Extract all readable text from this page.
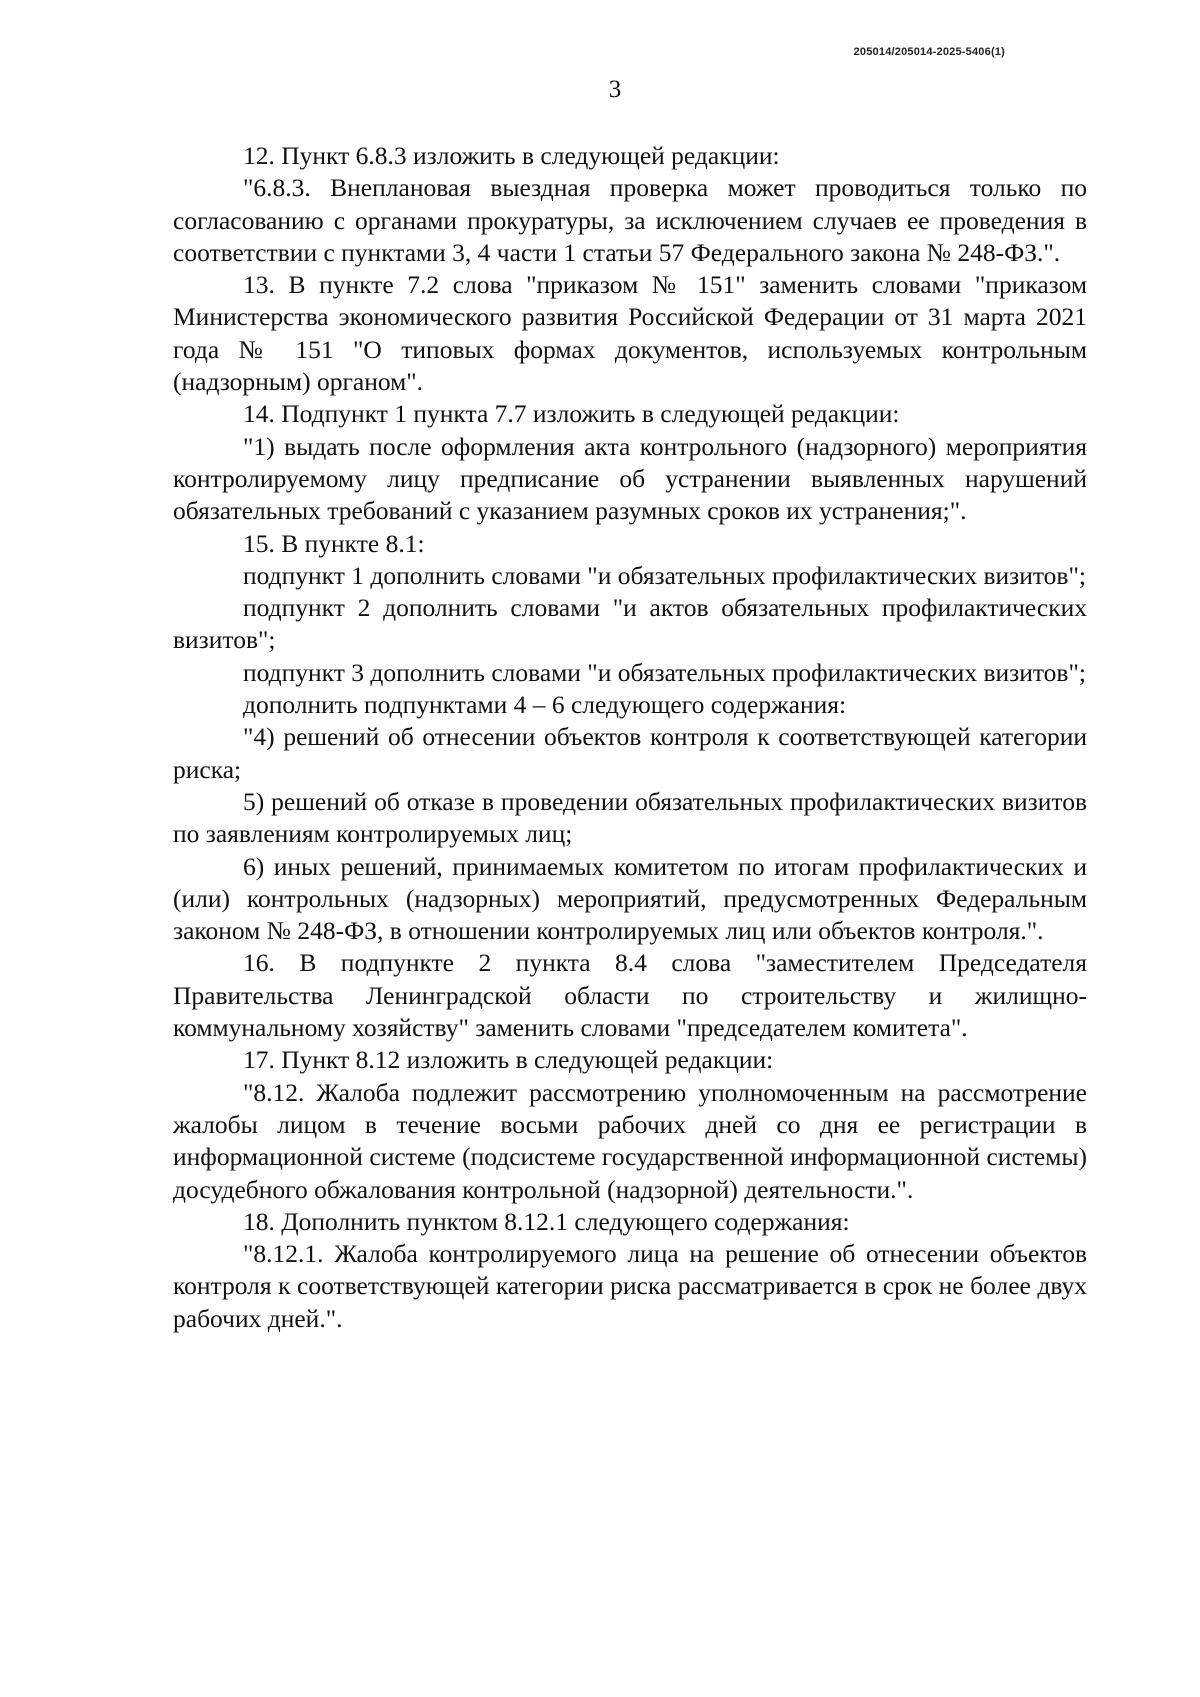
205014/205014-2025-5406(1)
3

12. Пункт 6.8.3 изложить в следующей редакции:

"6.8.3. Внеплановая выездная проверка может проводиться только по согласованию с органами прокуратуры, за исключением случаев ее проведения в соответствии с пунктами 3, 4 части 1 статьи 57 Федерального закона № 248-ФЗ.".

13. В пункте 7.2 слова "приказом № 151" заменить словами "приказом Министерства экономического развития Российской Федерации от 31 марта 2021 года № 151 "О типовых формах документов, используемых контрольным (надзорным) органом".

14. Подпункт 1 пункта 7.7 изложить в следующей редакции:

"1) выдать после оформления акта контрольного (надзорного) мероприятия контролируемому лицу предписание об устранении выявленных нарушений обязательных требований с указанием разумных сроков их устранения;".

15. В пункте 8.1:

подпункт 1 дополнить словами "и обязательных профилактических визитов";

подпункт 2 дополнить словами "и актов обязательных профилактических визитов";

подпункт 3 дополнить словами "и обязательных профилактических визитов";

дополнить подпунктами 4 – 6 следующего содержания:

"4) решений об отнесении объектов контроля к соответствующей категории риска;

5) решений об отказе в проведении обязательных профилактических визитов по заявлениям контролируемых лиц;

6) иных решений, принимаемых комитетом по итогам профилактических и (или) контрольных (надзорных) мероприятий, предусмотренных Федеральным законом № 248-ФЗ, в отношении контролируемых лиц или объектов контроля.".

16. В подпункте 2 пункта 8.4 слова "заместителем Председателя Правительства Ленинградской области по строительству и жилищно-коммунальному хозяйству" заменить словами "председателем комитета".

17. Пункт 8.12 изложить в следующей редакции:

"8.12. Жалоба подлежит рассмотрению уполномоченным на рассмотрение жалобы лицом в течение восьми рабочих дней со дня ее регистрации в информационной системе (подсистеме государственной информационной системы) досудебного обжалования контрольной (надзорной) деятельности.".

18. Дополнить пунктом 8.12.1 следующего содержания:

"8.12.1. Жалоба контролируемого лица на решение об отнесении объектов контроля к соответствующей категории риска рассматривается в срок не более двух рабочих дней.".
